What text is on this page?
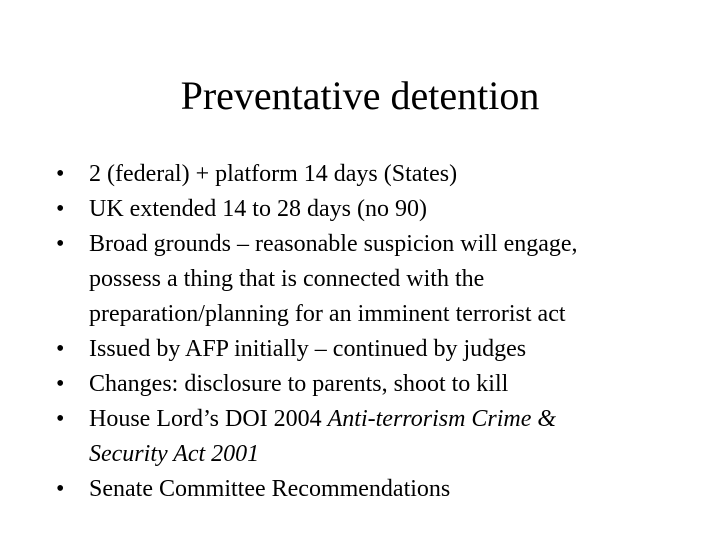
Preventative detention
•	2 (federal) + platform 14 days (States)
•	UK extended 14 to 28 days (no 90)
•	Broad grounds – reasonable suspicion will engage,
possess a thing that is connected with the
preparation/planning for an imminent terrorist act
•	Issued by AFP initially – continued by judges
•	Changes: disclosure to parents, shoot to kill
•	House Lord’s DOI 2004 Anti-terrorism Crime &
Security Act 2001
•	Senate Committee Recommendations
